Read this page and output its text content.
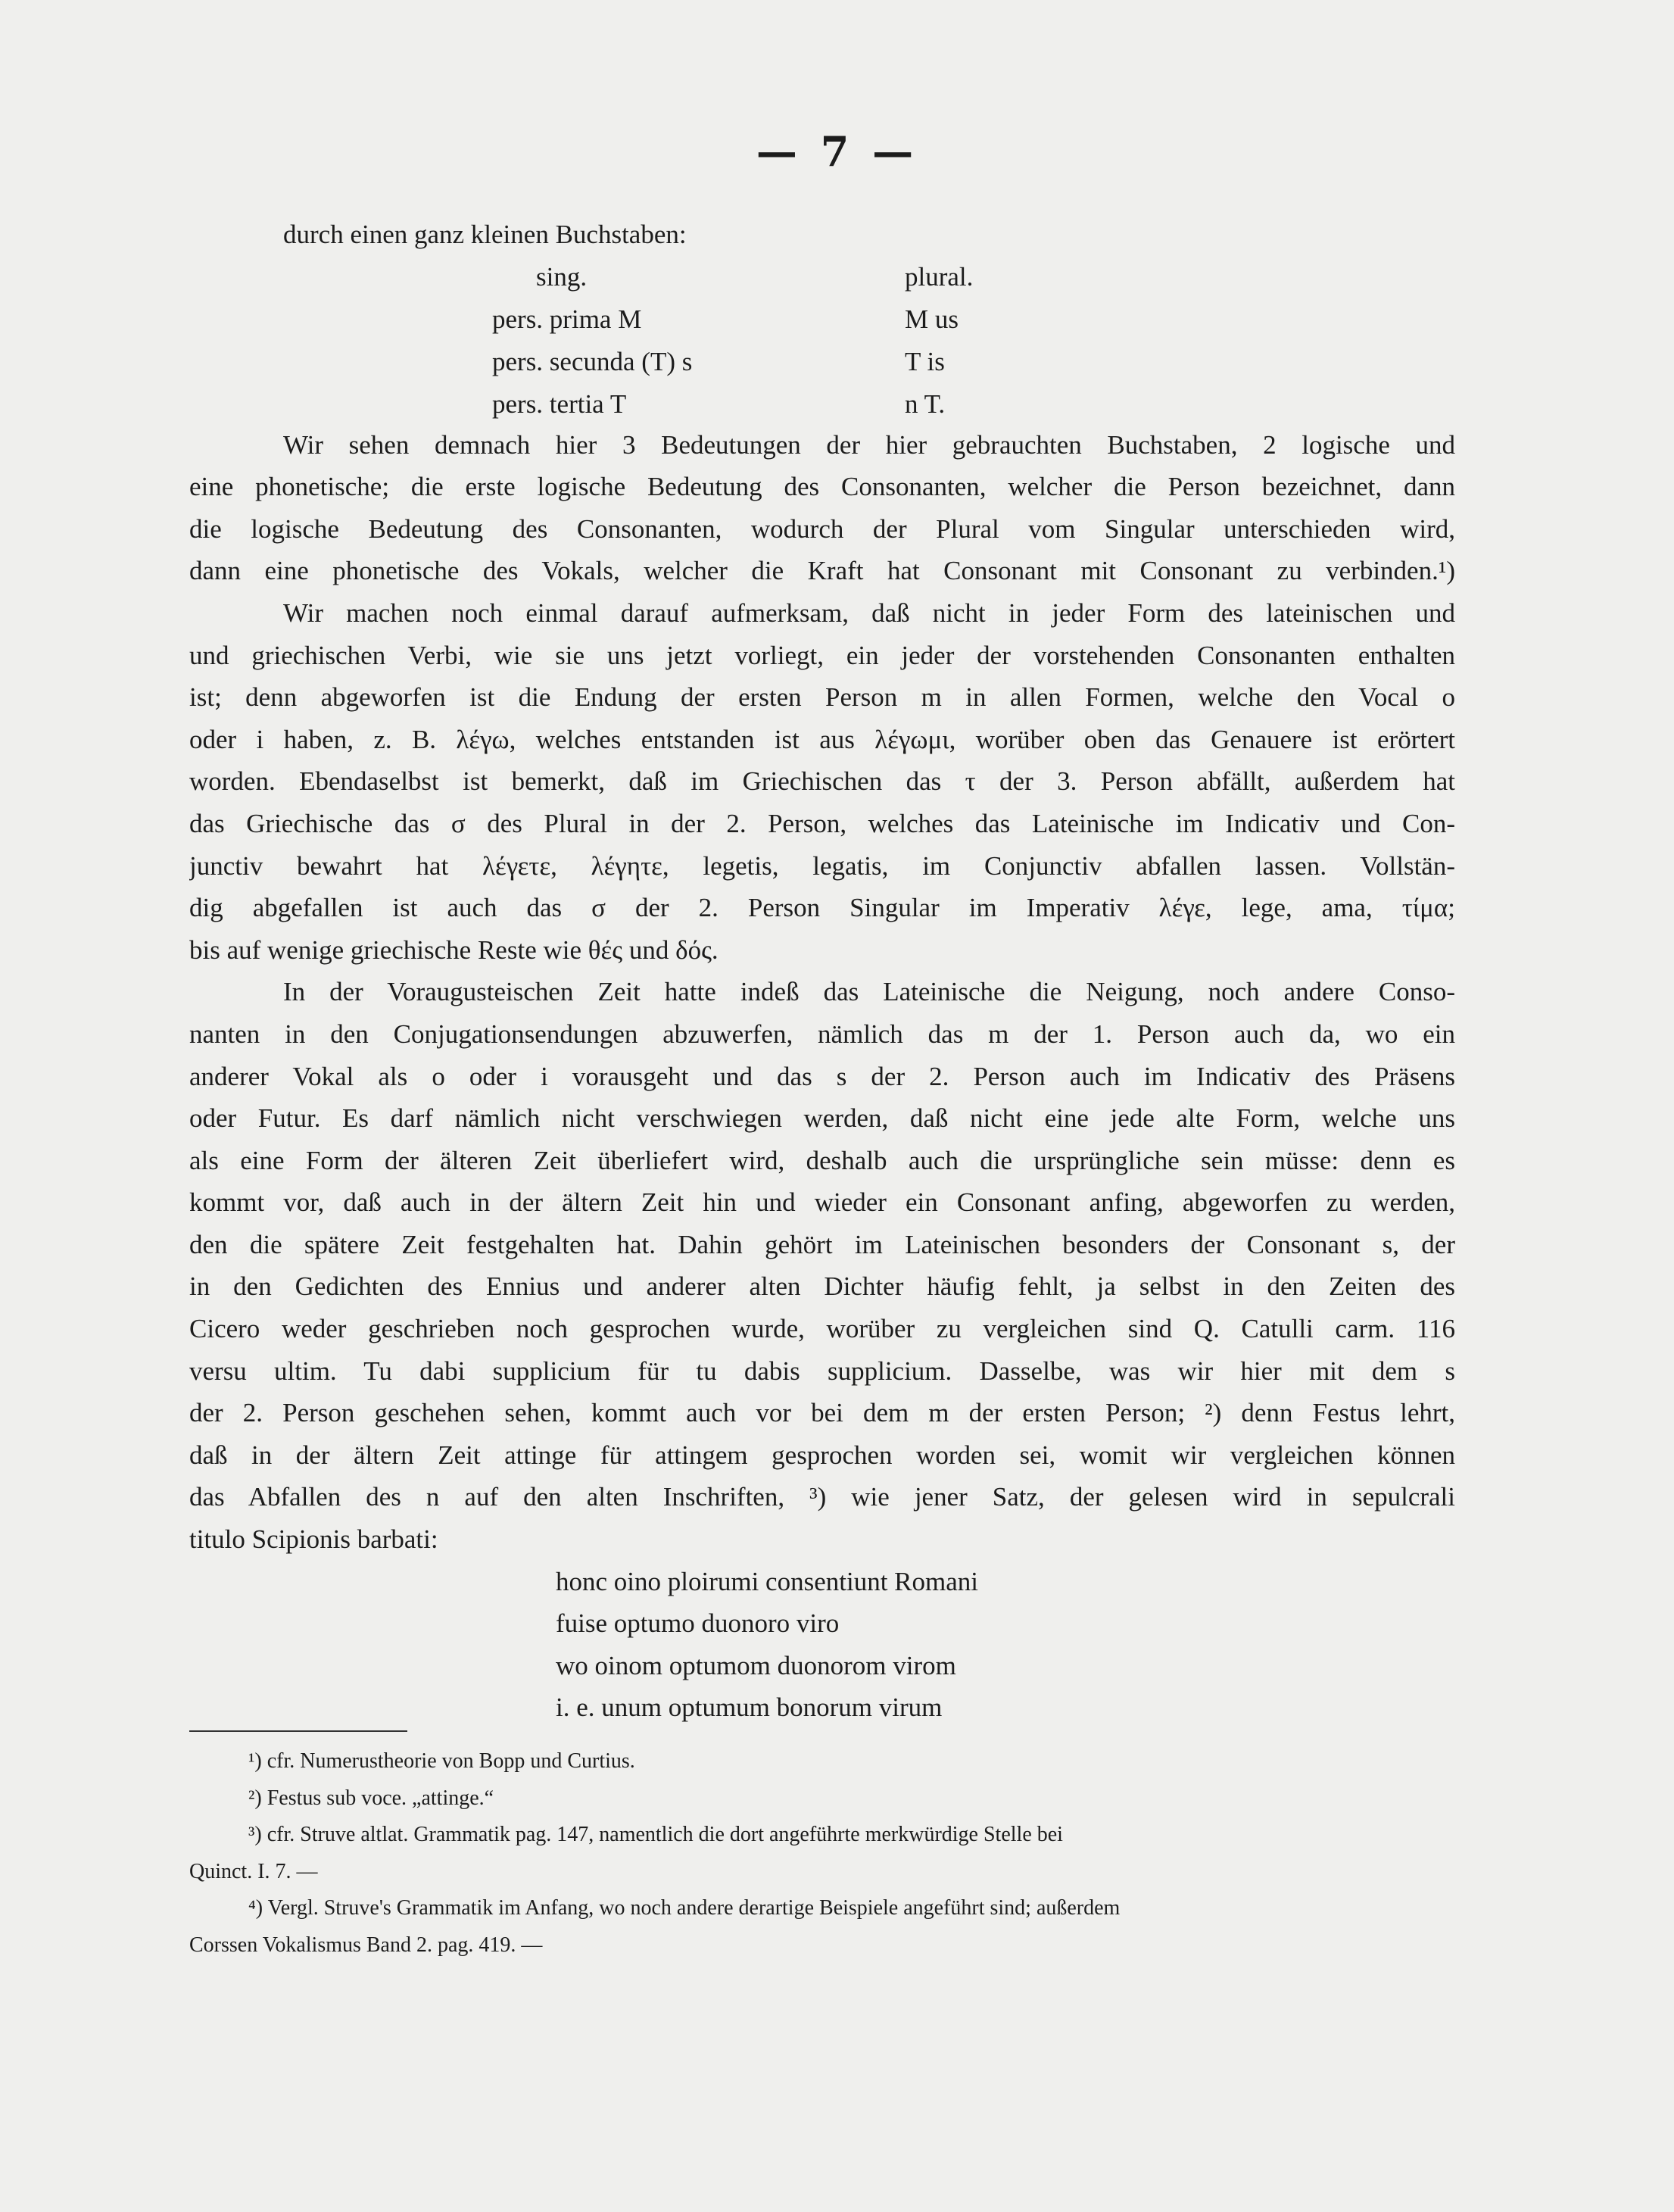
— 7 —
durch einen ganz kleinen Buchstaben:
sing.	plural.
pers. prima M	M us
pers. secunda (T) s	T is
pers. tertia T	n T.
Wir sehen demnach hier 3 Bedeutungen der hier gebrauchten Buchstaben, 2 logische und
eine phonetische; die erste logische Bedeutung des Consonanten, welcher die Person bezeichnet, dann
die logische Bedeutung des Consonanten, wodurch der Plural vom Singular unterschieden wird,
dann eine phonetische des Vokals, welcher die Kraft hat Consonant mit Consonant zu verbinden.¹)
Wir machen noch einmal darauf aufmerksam, daß nicht in jeder Form des lateinischen und
und griechischen Verbi, wie sie uns jetzt vorliegt, ein jeder der vorstehenden Consonanten enthalten
ist; denn abgeworfen ist die Endung der ersten Person m in allen Formen, welche den Vocal o
oder i haben, z. B. λέγω, welches entstanden ist aus λέγωμι, worüber oben das Genauere ist erörtert
worden. Ebendaselbst ist bemerkt, daß im Griechischen das τ der 3. Person abfällt, außerdem hat
das Griechische das σ des Plural in der 2. Person, welches das Lateinische im Indicativ und Con-
junctiv bewahrt hat λέγετε, λέγητε, legetis, legatis, im Conjunctiv abfallen lassen. Vollstän-
dig abgefallen ist auch das σ der 2. Person Singular im Imperativ λέγε, lege, ama, τίμα;
bis auf wenige griechische Reste wie θές und δός.
In der Voraugusteischen Zeit hatte indeß das Lateinische die Neigung, noch andere Conso-
nanten in den Conjugationsendungen abzuwerfen, nämlich das m der 1. Person auch da, wo ein
anderer Vokal als o oder i vorausgeht und das s der 2. Person auch im Indicativ des Präsens
oder Futur. Es darf nämlich nicht verschwiegen werden, daß nicht eine jede alte Form, welche uns
als eine Form der älteren Zeit überliefert wird, deshalb auch die ursprüngliche sein müsse: denn es
kommt vor, daß auch in der ältern Zeit hin und wieder ein Consonant anfing, abgeworfen zu werden,
den die spätere Zeit festgehalten hat. Dahin gehört im Lateinischen besonders der Consonant s, der
in den Gedichten des Ennius und anderer alten Dichter häufig fehlt, ja selbst in den Zeiten des
Cicero weder geschrieben noch gesprochen wurde, worüber zu vergleichen sind Q. Catulli carm. 116
versu ultim. Tu dabi supplicium für tu dabis supplicium. Dasselbe, was wir hier mit dem s
der 2. Person geschehen sehen, kommt auch vor bei dem m der ersten Person; ²) denn Festus lehrt,
daß in der ältern Zeit attinge für attingem gesprochen worden sei, womit wir vergleichen können
das Abfallen des n auf den alten Inschriften, ³) wie jener Satz, der gelesen wird in sepulcrali
titulo Scipionis barbati:
honc oino ploirumi consentiunt Romani
fuise optumo duonoro viro
wo oinom optumom duonorom virom
i. e. unum optumum bonorum virum
¹) cfr. Numerustheorie von Bopp und Curtius.
²) Festus sub voce. „attinge.“
³) cfr. Struve altlat. Grammatik pag. 147, namentlich die dort angeführte merkwürdige Stelle bei
Quinct. I. 7. —
⁴) Vergl. Struve's Grammatik im Anfang, wo noch andere derartige Beispiele angeführt sind; außerdem
Corssen Vokalismus Band 2. pag. 419. —
